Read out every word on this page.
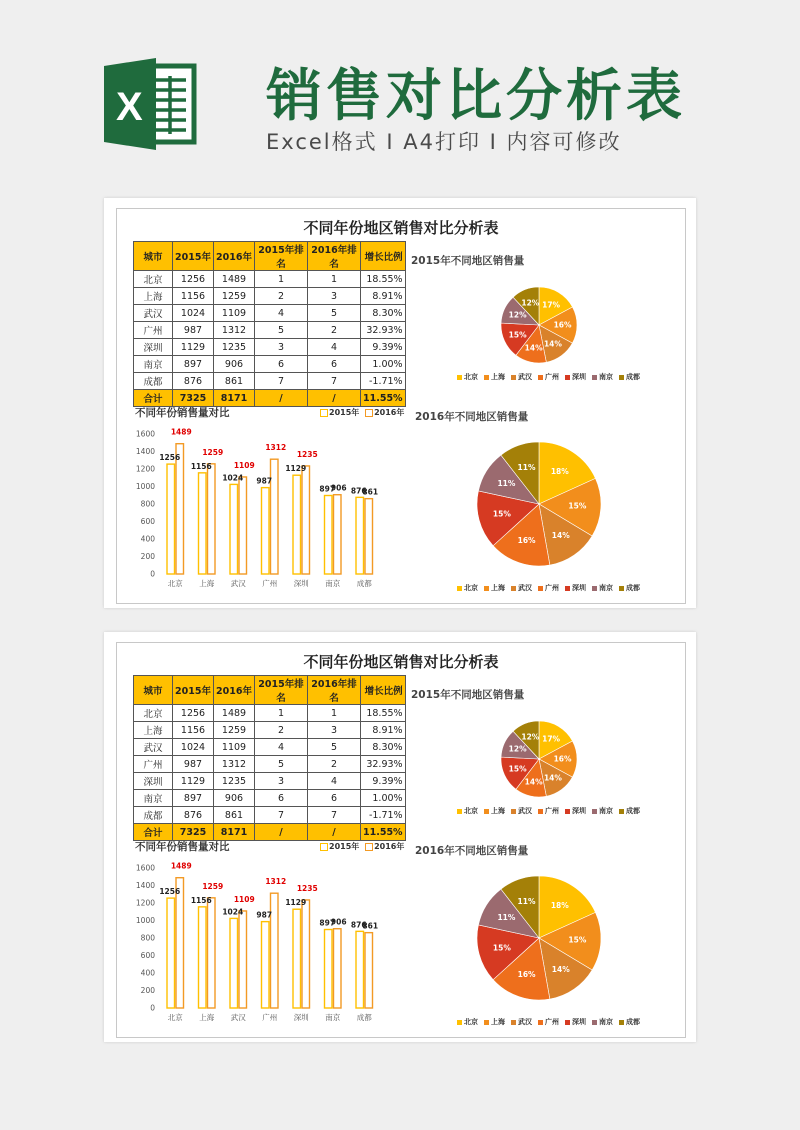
X 销售对比分析表
Excel格式 I A4打印 I 内容可修改
不同年份地区销售对比分析表
城市	2015年	2016年	2015年排名	2016年排名	增长比例
北京	1256	1489	1	1	18.55%
上海	1156	1259	2	3	8.91%
武汉	1024	1109	4	5	8.30%
广州	987	1312	5	2	32.93%
深圳	1129	1235	3	4	9.39%
南京	897	906	6	6	1.00%
成都	876	861	7	7	-1.71%
合计	7325	8171	/	/	11.55%
2015年不同地区销售量
17%
16%
14%
14%
15%
12%
12%
北京 上海 武汉 广州 深圳 南京 成都
不同年份销售量对比	2015年 2016年
0
200
400
600
800
1000
1200
1400
1600
1256
1489
北京
1156
1259
上海
1024
1109
武汉
987
1312
广州
1129
1235
深圳
897
906
南京
876
861
成都
2016年不同地区销售量
18%
15%
14%
16%
15%
11%
11%
北京 上海 武汉 广州 深圳 南京 成都
不同年份地区销售对比分析表
城市	2015年	2016年	2015年排名	2016年排名	增长比例
北京	1256	1489	1	1	18.55%
上海	1156	1259	2	3	8.91%
武汉	1024	1109	4	5	8.30%
广州	987	1312	5	2	32.93%
深圳	1129	1235	3	4	9.39%
南京	897	906	6	6	1.00%
成都	876	861	7	7	-1.71%
合计	7325	8171	/	/	11.55%
2015年不同地区销售量
17%
16%
14%
14%
15%
12%
12%
北京 上海 武汉 广州 深圳 南京 成都
不同年份销售量对比	2015年 2016年
0
200
400
600
800
1000
1200
1400
1600
1256
1489
北京
1156
1259
上海
1024
1109
武汉
987
1312
广州
1129
1235
深圳
897
906
南京
876
861
成都
2016年不同地区销售量
18%
15%
14%
16%
15%
11%
11%
北京 上海 武汉 广州 深圳 南京 成都
